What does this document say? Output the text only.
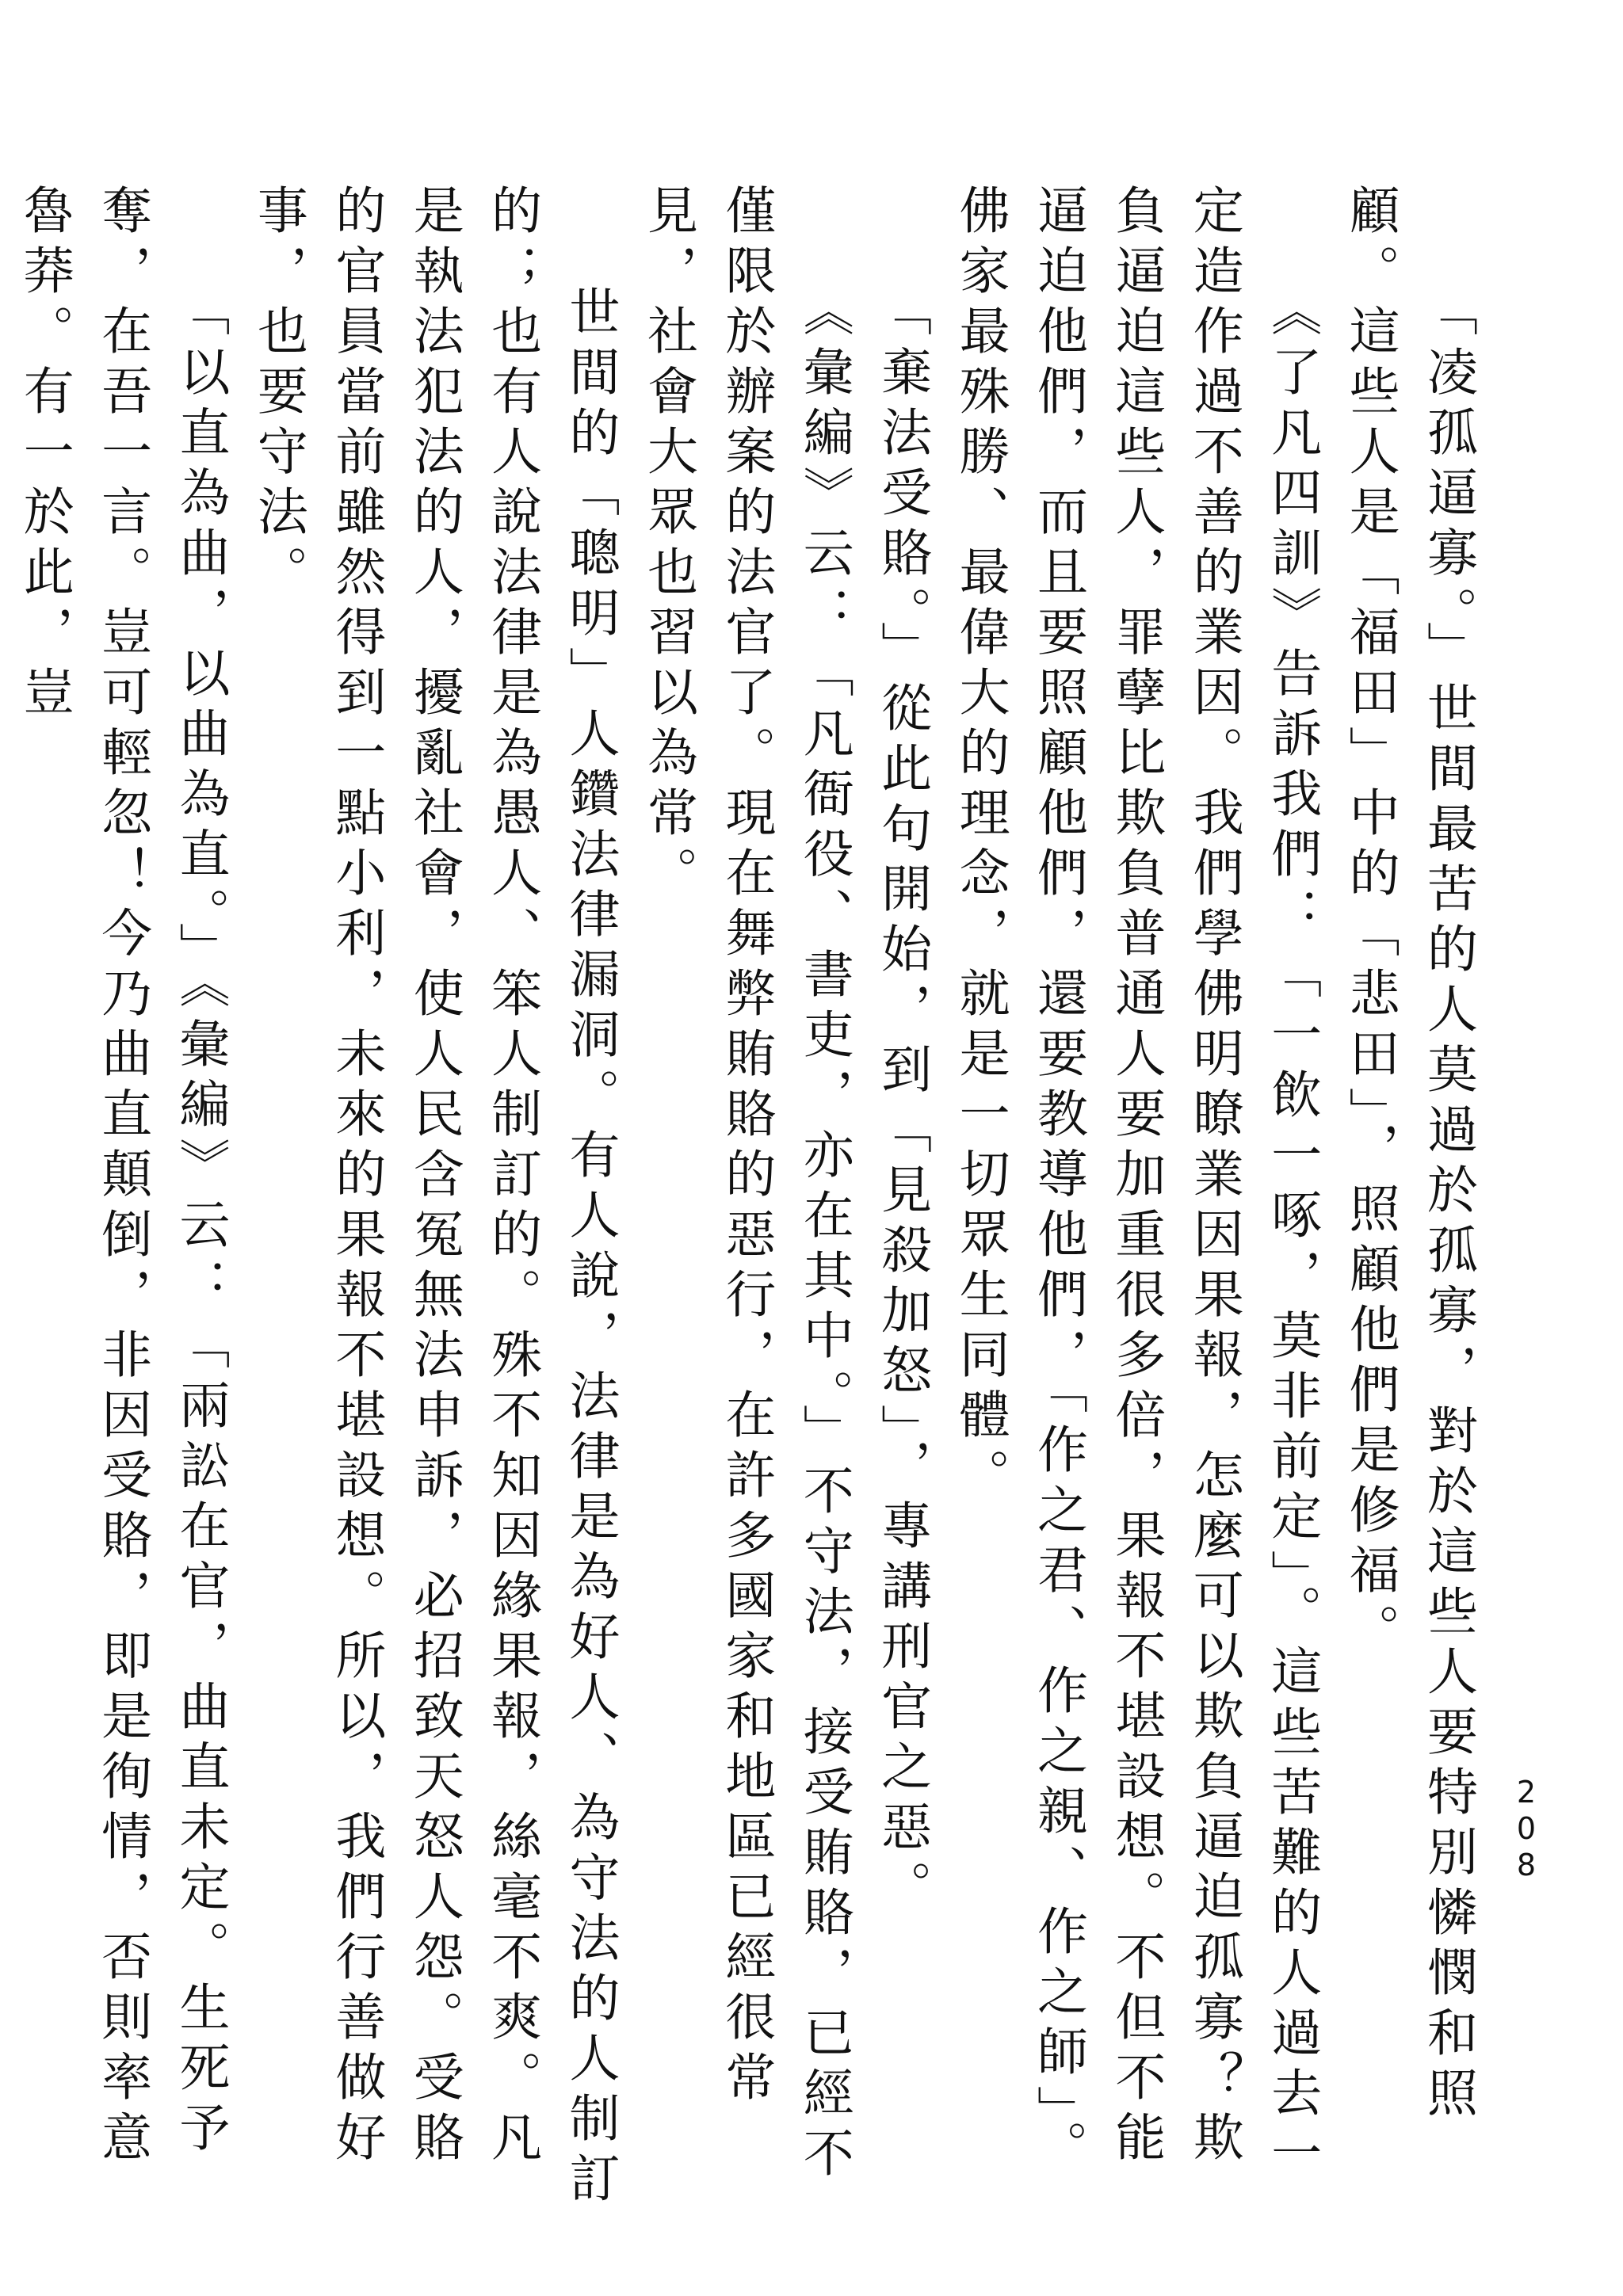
208

「凌孤逼寡。」世間最苦的人莫過於孤寡，對於這些人要特別憐憫和照顧。這些人是「福田」中的「悲田」，照顧他們是修福。

《了凡四訓》告訴我們：「一飲一啄，莫非前定」。這些苦難的人過去一定造作過不善的業因。我們學佛明瞭業因果報，怎麼可以欺負逼迫孤寡？欺負逼迫這些人，罪孽比欺負普通人要加重很多倍，果報不堪設想。不但不能逼迫他們，而且要照顧他們，還要教導他們，「作之君、作之親、作之師」。佛家最殊勝、最偉大的理念，就是一切眾生同體。

「棄法受賂。」從此句開始，到「見殺加怒」，專講刑官之惡。

《彙編》云：「凡衙役、書吏，亦在其中。」不守法，接受賄賂，已經不僅限於辦案的法官了。現在舞弊賄賂的惡行，在許多國家和地區已經很常見，社會大眾也習以為常。

世間的「聰明」人鑽法律漏洞。有人說，法律是為好人、為守法的人制訂的；也有人說法律是為愚人、笨人制訂的。殊不知因緣果報，絲毫不爽。凡是執法犯法的人，擾亂社會，使人民含冤無法申訴，必招致天怒人怨。受賂的官員當前雖然得到一點小利，未來的果報不堪設想。所以，我們行善做好事，也要守法。

「以直為曲，以曲為直。」《彙編》云：「兩訟在官，曲直未定。生死予奪，在吾一言。豈可輕忽！今乃曲直顛倒，非因受賂，即是徇情，否則率意魯莽。有一於此，豈
